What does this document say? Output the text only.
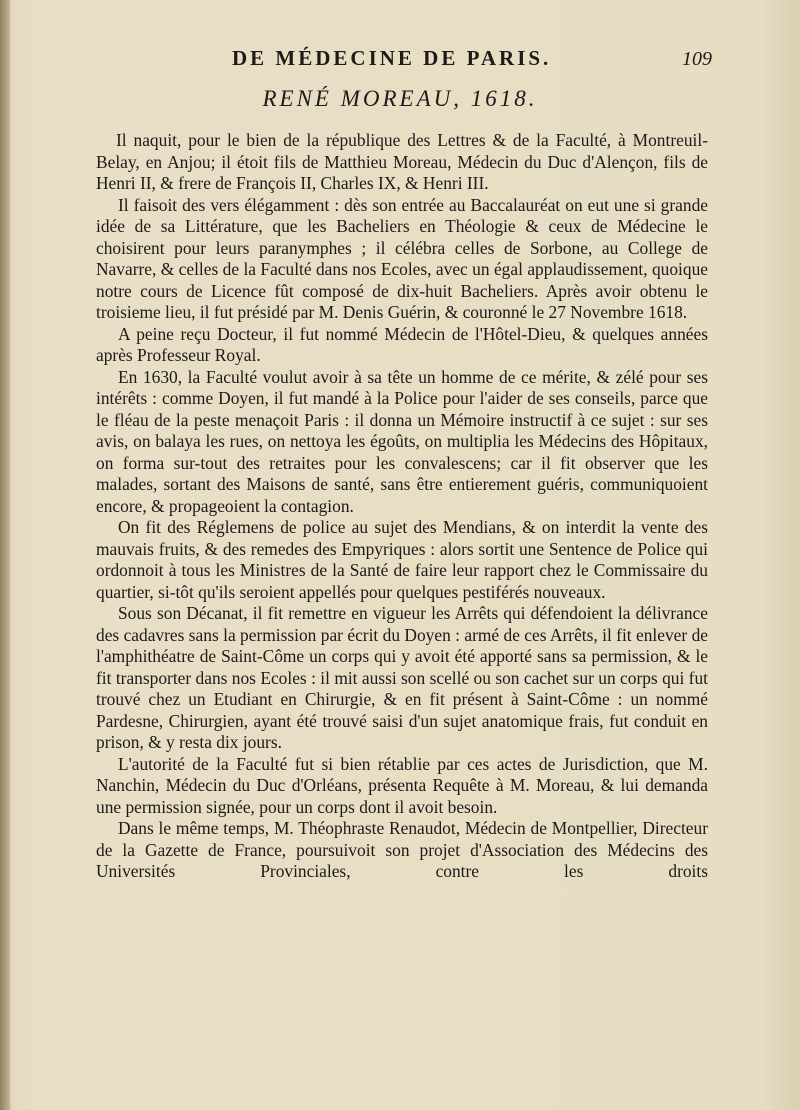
DE MÉDECINE DE PARIS.	109
RENÉ MOREAU, 1618.

Il naquit, pour le bien de la république des Lettres & de la Faculté, à Montreuil-Belay, en Anjou; il étoit fils de Matthieu Moreau, Médecin du Duc d'Alençon, fils de Henri II, & frere de François II, Charles IX, & Henri III.

Il faisoit des vers élégamment : dès son entrée au Baccalauréat on eut une si grande idée de sa Littérature, que les Bacheliers en Théologie & ceux de Médecine le choisirent pour leurs paranymphes ; il célébra celles de Sorbone, au College de Navarre, & celles de la Faculté dans nos Ecoles, avec un égal applaudissement, quoique notre cours de Licence fût composé de dix-huit Bacheliers. Après avoir obtenu le troisieme lieu, il fut présidé par M. Denis Guérin, & couronné le 27 Novembre 1618.

A peine reçu Docteur, il fut nommé Médecin de l'Hôtel-Dieu, & quelques années après Professeur Royal.

En 1630, la Faculté voulut avoir à sa tête un homme de ce mérite, & zélé pour ses intérêts : comme Doyen, il fut mandé à la Police pour l'aider de ses conseils, parce que le fléau de la peste menaçoit Paris : il donna un Mémoire instructif à ce sujet : sur ses avis, on balaya les rues, on nettoya les égoûts, on multiplia les Médecins des Hôpitaux, on forma sur-tout des retraites pour les convalescens; car il fit observer que les malades, sortant des Maisons de santé, sans être entierement guéris, communiquoient encore, & propageoient la contagion.

On fit des Réglemens de police au sujet des Mendians, & on interdit la vente des mauvais fruits, & des remedes des Empyriques : alors sortit une Sentence de Police qui ordonnoit à tous les Ministres de la Santé de faire leur rapport chez le Commissaire du quartier, si-tôt qu'ils seroient appellés pour quelques pestiférés nouveaux.

Sous son Décanat, il fit remettre en vigueur les Arrêts qui défendoient la délivrance des cadavres sans la permission par écrit du Doyen : armé de ces Arrêts, il fit enlever de l'amphithéatre de Saint-Côme un corps qui y avoit été apporté sans sa permission, & le fit transporter dans nos Ecoles : il mit aussi son scellé ou son cachet sur un corps qui fut trouvé chez un Etudiant en Chirurgie, & en fit présent à Saint-Côme : un nommé Pardesne, Chirurgien, ayant été trouvé saisi d'un sujet anatomique frais, fut conduit en prison, & y resta dix jours.

L'autorité de la Faculté fut si bien rétablie par ces actes de Jurisdiction, que M. Nanchin, Médecin du Duc d'Orléans, présenta Requête à M. Moreau, & lui demanda une permission signée, pour un corps dont il avoit besoin.

Dans le même temps, M. Théophraste Renaudot, Médecin de Montpellier, Directeur de la Gazette de France, poursuivoit son projet d'Association des Médecins des Universités Provinciales, contre les droits
